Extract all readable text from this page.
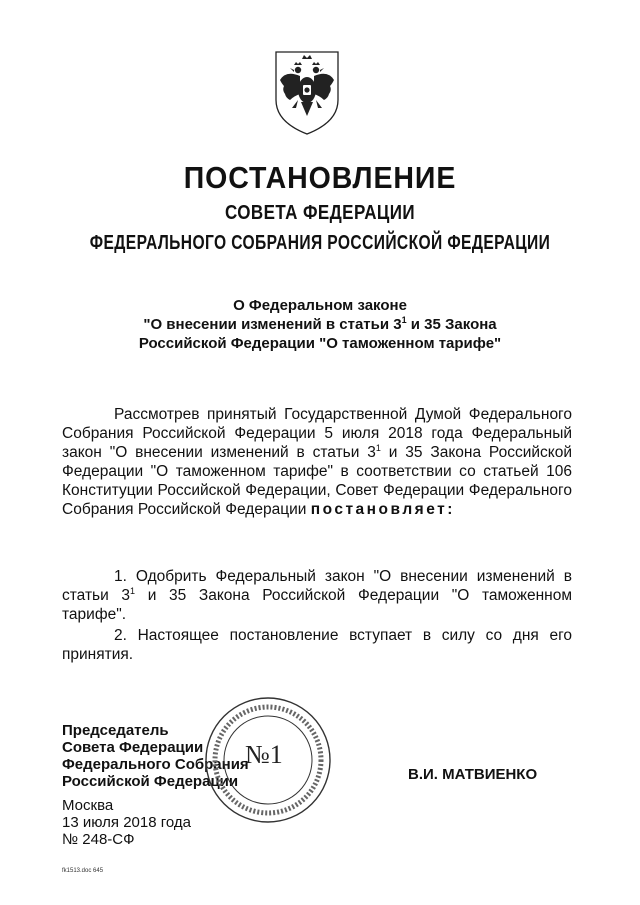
ПОСТАНОВЛЕНИЕ
СОВЕТА ФЕДЕРАЦИИ
ФЕДЕРАЛЬНОГО СОБРАНИЯ РОССИЙСКОЙ ФЕДЕРАЦИИ
О Федеральном законе
"О внесении изменений в статьи $3^1$ и 35 Закона
Российской Федерации "О таможенном тарифе"
Рассмотрев принятый Государственной Думой Федерального Собрания Российской Федерации 5 июля 2018 года Федеральный закон "О внесении изменений в статьи $3^1$ и 35 Закона Российской Федерации "О таможенном тарифе" в соответствии со статьей 106 Конституции Российской Федерации, Совет Федерации Федерального Собрания Российской Федерации постановляет:
1. Одобрить Федеральный закон "О внесении изменений в статьи $3^1$ и 35 Закона Российской Федерации "О таможенном тарифе".
2. Настоящее постановление вступает в силу со дня его принятия.
Председатель
Совета Федерации
Федерального Собрания
Российской Федерации
№1
В.И. МАТВИЕНКО
Москва
13 июля 2018 года
№ 248-СФ
fk1513.doc 645
